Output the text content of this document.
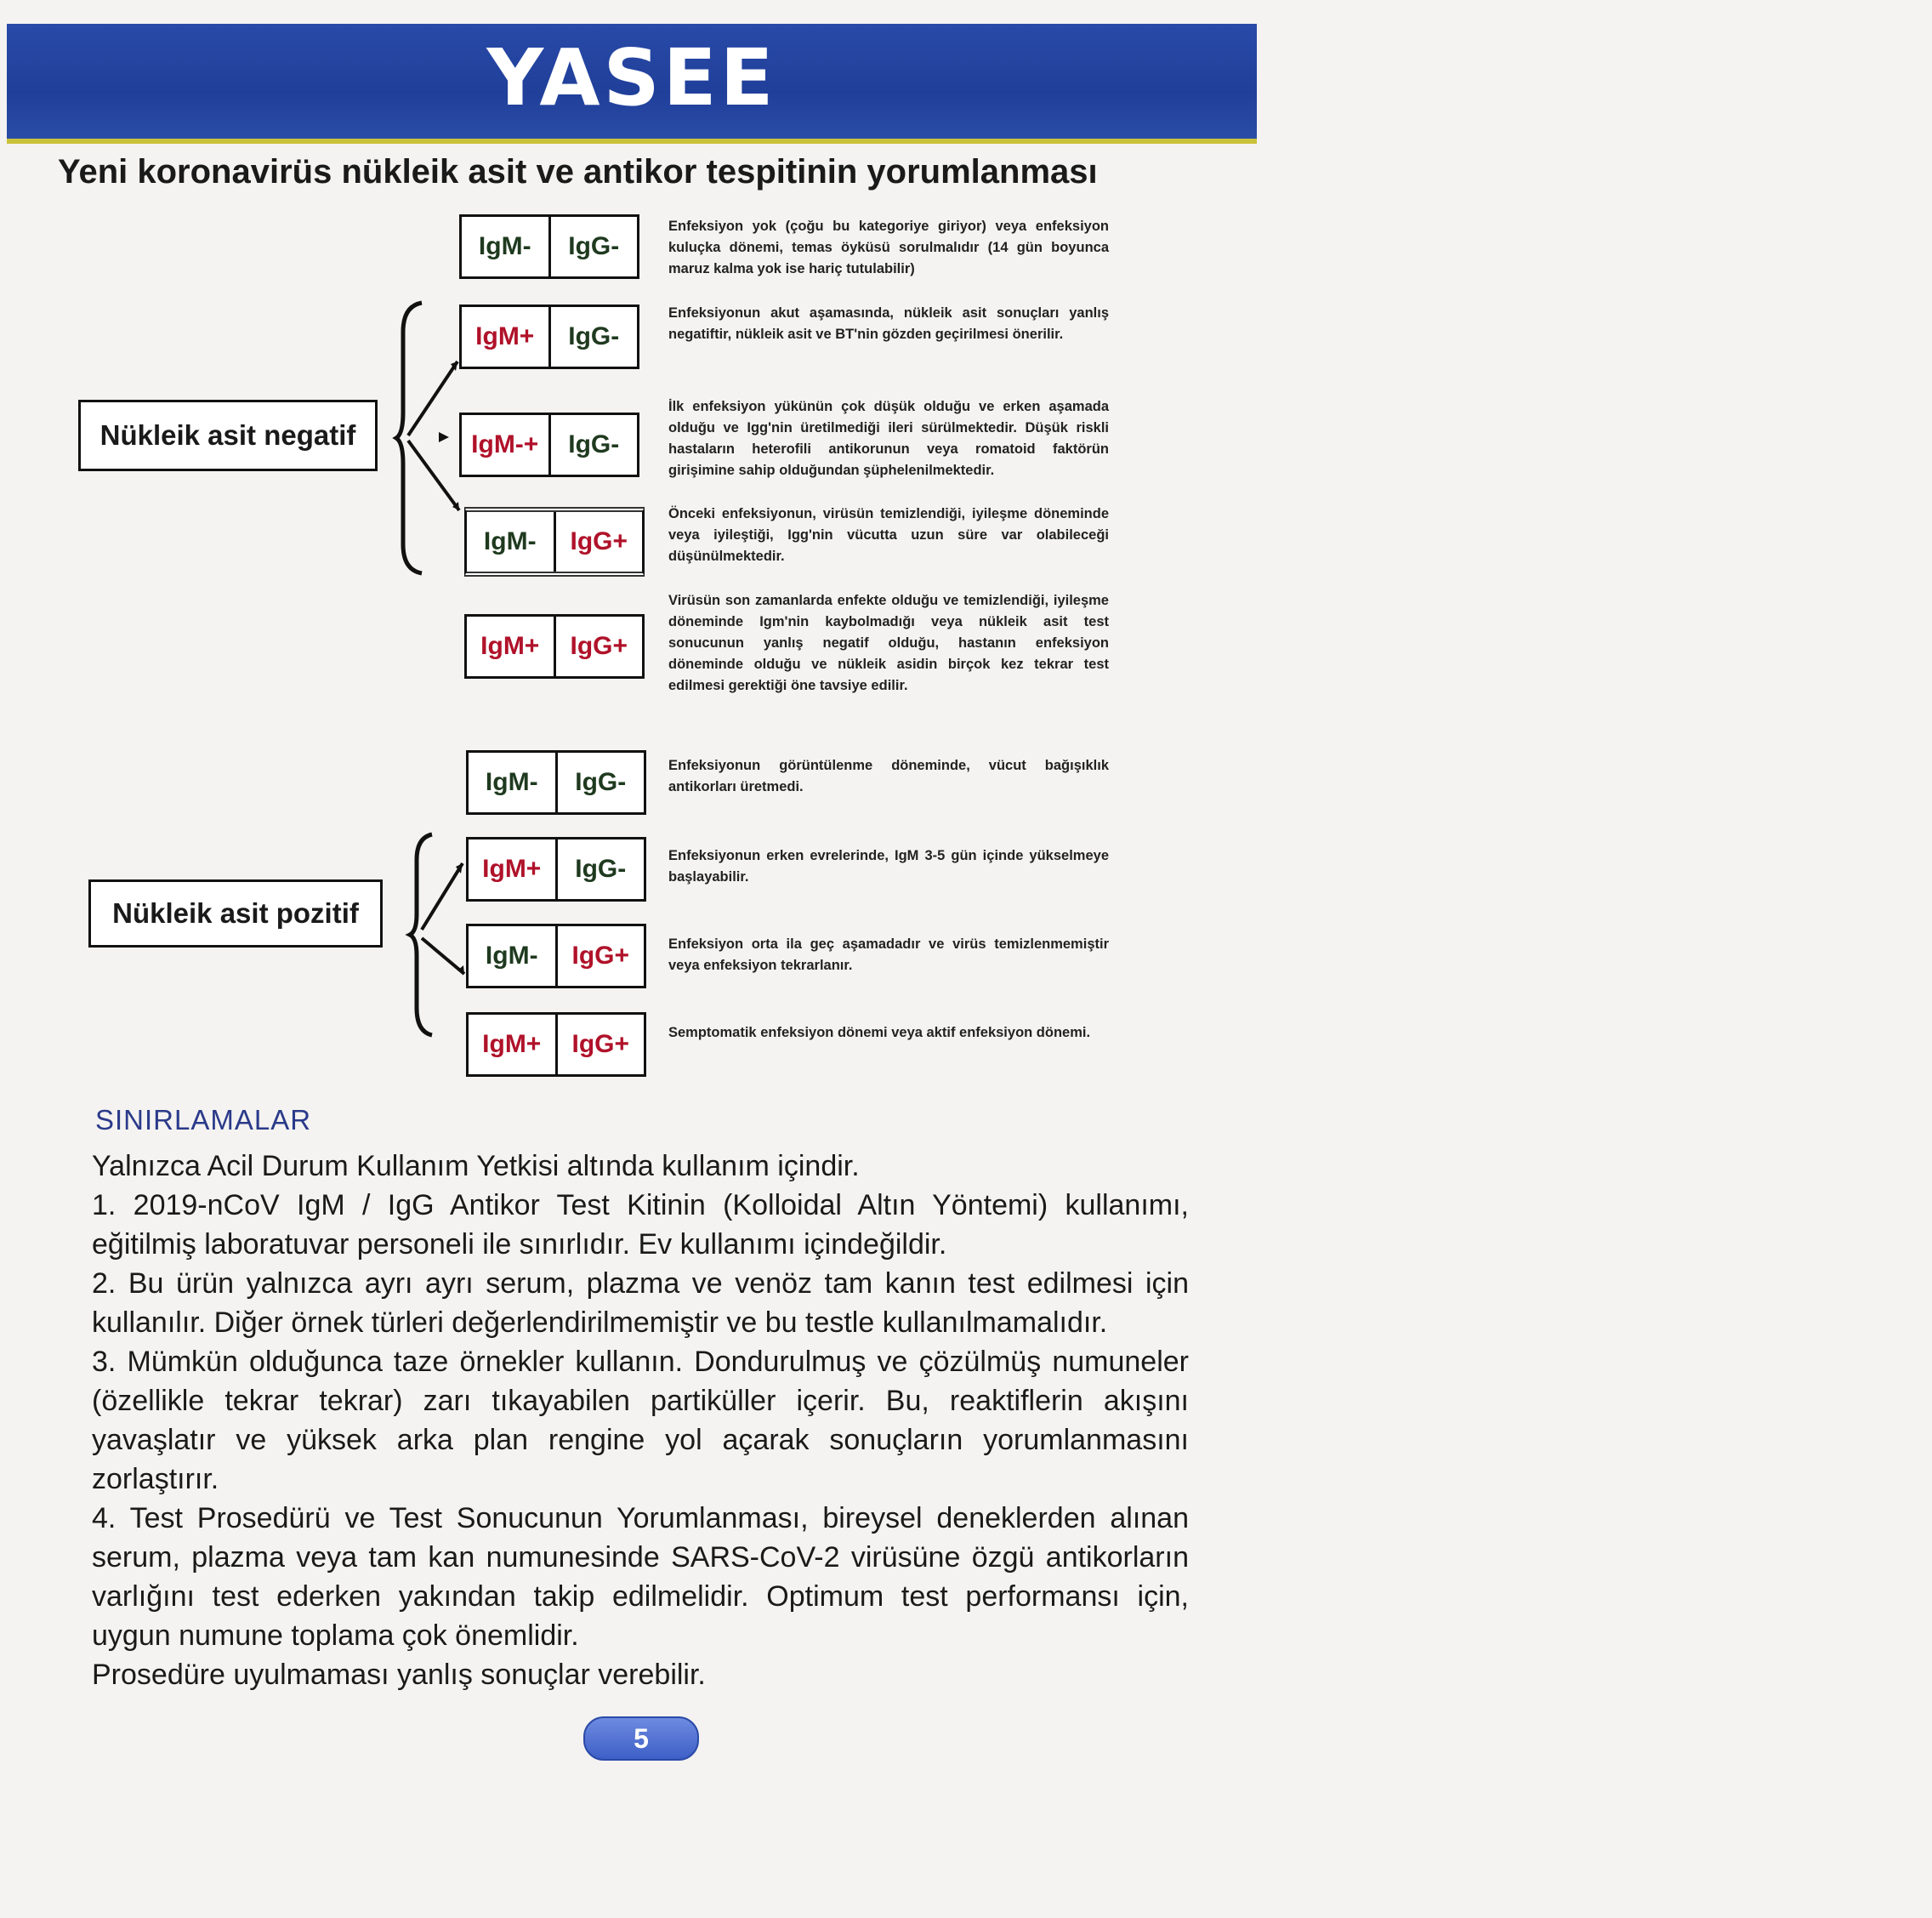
YASEE
Yeni koronavirüs nükleik asit ve antikor tespitinin yorumlanması
Nükleik asit negatif
Nükleik asit pozitif
IgM-	IgG-
Enfeksiyon yok (çoğu bu kategoriye giriyor) veya enfeksiyon kuluçka dönemi, temas öyküsü sorulmalıdır (14 gün boyunca maruz kalma yok ise hariç tutulabilir)
IgM+	IgG-
Enfeksiyonun akut aşamasında, nükleik asit sonuçları yanlış negatiftir, nükleik asit ve BT'nin gözden geçirilmesi önerilir.
IgM-+	IgG-
İlk enfeksiyon yükünün çok düşük olduğu ve erken aşamada olduğu ve Igg'nin üretilmediği ileri sürülmektedir. Düşük riskli hastaların heterofili antikorunun veya romatoid faktörün girişimine sahip olduğundan şüphelenilmektedir.
IgM-	IgG+
Önceki enfeksiyonun, virüsün temizlendiği, iyileşme döneminde veya iyileştiği, Igg'nin vücutta uzun süre var olabileceği düşünülmektedir.
IgM+	IgG+
Virüsün son zamanlarda enfekte olduğu ve temizlendiği, iyileşme döneminde Igm'nin kaybolmadığı veya nükleik asit test sonucunun yanlış negatif olduğu, hastanın enfeksiyon döneminde olduğu ve nükleik asidin birçok kez tekrar test edilmesi gerektiği öne tavsiye edilir.
IgM-	IgG-
Enfeksiyonun görüntülenme döneminde, vücut bağışıklık antikorları üretmedi.
IgM+	IgG-	Enfeksiyonun erken evrelerinde, IgM 3-5 gün içinde yükselmeye başlayabilir.
IgM-	IgG+	Enfeksiyon orta ila geç aşamadadır ve virüs temizlenmemiştir veya enfeksiyon tekrarlanır.
IgM+	IgG+	Semptomatik enfeksiyon dönemi veya aktif enfeksiyon dönemi.
SINIRLAMALAR

Yalnızca Acil Durum Kullanım Yetkisi altında kullanım içindir.

1. 2019-nCoV IgM / IgG Antikor Test Kitinin (Kolloidal Altın Yöntemi) kullanımı, eğitilmiş laboratuvar personeli ile sınırlıdır. Ev kullanımı içindeğildir.

2. Bu ürün yalnızca ayrı ayrı serum, plazma ve venöz tam kanın test edilmesi için kullanılır. Diğer örnek türleri değerlendirilmemiştir ve bu testle kullanılmamalıdır.

3. Mümkün olduğunca taze örnekler kullanın. Dondurulmuş ve çözülmüş numuneler (özellikle tekrar tekrar) zarı tıkayabilen partiküller içerir. Bu, reaktiflerin akışını yavaşlatır ve yüksek arka plan rengine yol açarak sonuçların yorumlanmasını zorlaştırır.

4. Test Prosedürü ve Test Sonucunun Yorumlanması, bireysel deneklerden alınan serum, plazma veya tam kan numunesinde SARS-CoV-2 virüsüne özgü antikorların varlığını test ederken yakından takip edilmelidir. Optimum test performansı için, uygun numune toplama çok önemlidir.

Prosedüre uyulmaması yanlış sonuçlar verebilir.

5
